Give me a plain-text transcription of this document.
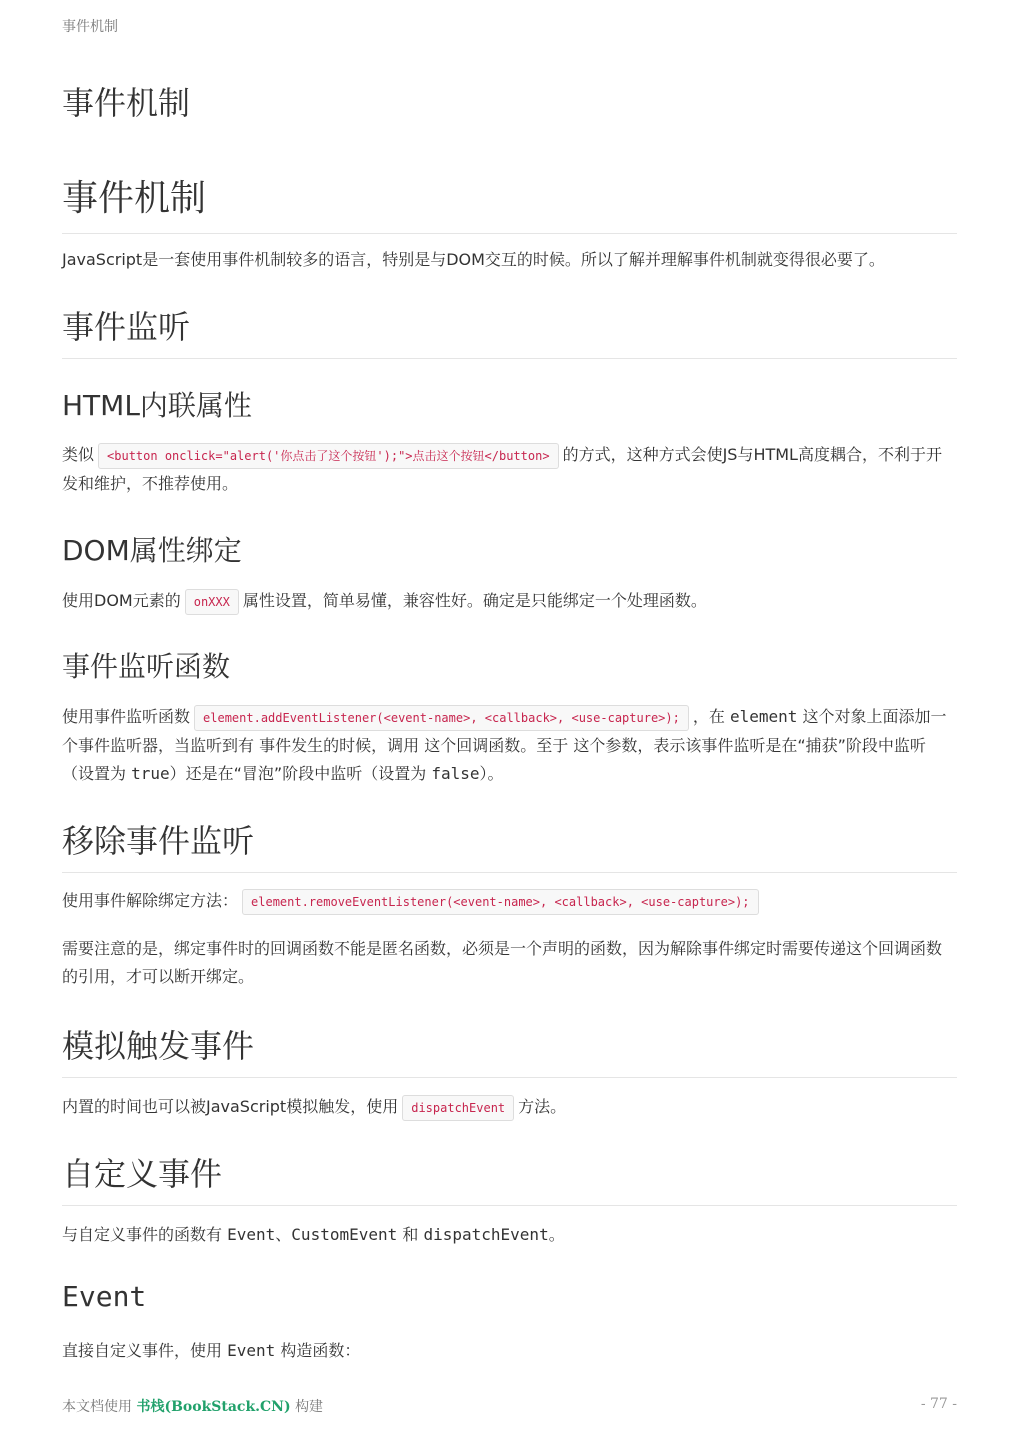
事件机制
事件机制
事件机制

JavaScript是一套使用事件机制较多的语言，特别是与DOM交互的时候。所以了解并理解事件机制就变得很必要了。

事件监听
HTML内联属性

类似 <button onclick="alert('你点击了这个按钮');">点击这个按钮</button> 的方式，这种方式会使JS与HTML高度耦合，不利于开发和维护，不推荐使用。

DOM属性绑定

使用DOM元素的 onXXX 属性设置，简单易懂，兼容性好。确定是只能绑定一个处理函数。

事件监听函数

使用事件监听函数 element.addEventListener(<event-name>, <callback>, <use-capture>); ，在 element 这个对象上面添加一个事件监听器，当监听到有 事件发生的时候，调用 这个回调函数。至于 这个参数，表示该事件监听是在“捕获”阶段中监听（设置为 true）还是在“冒泡”阶段中监听（设置为 false）。

移除事件监听

使用事件解除绑定方法： element.removeEventListener(<event-name>, <callback>, <use-capture>);

需要注意的是，绑定事件时的回调函数不能是匿名函数，必须是一个声明的函数，因为解除事件绑定时需要传递这个回调函数的引用，才可以断开绑定。

模拟触发事件

内置的时间也可以被JavaScript模拟触发，使用 dispatchEvent 方法。

自定义事件

与自定义事件的函数有 Event、CustomEvent 和 dispatchEvent。

Event

直接自定义事件，使用 Event 构造函数：

本文档使用 书栈(BookStack.CN) 构建	- 77 -
